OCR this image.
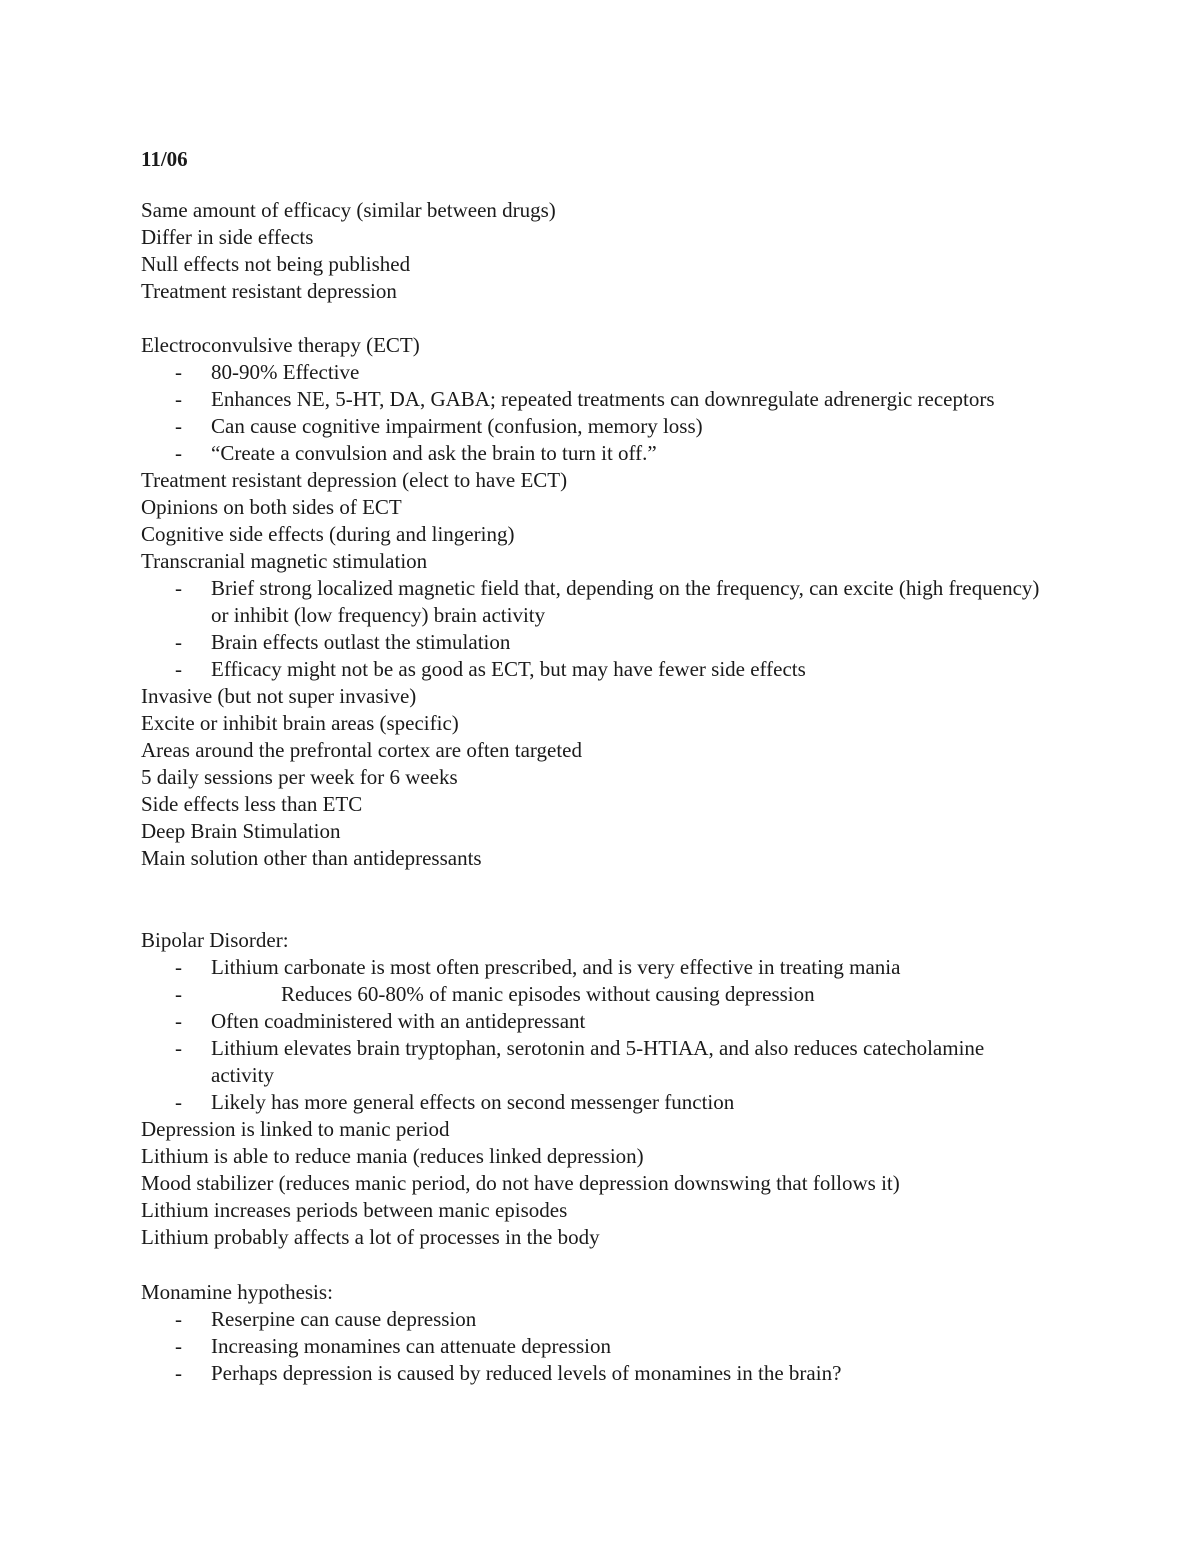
11/06

Same amount of efficacy (similar between drugs)

Differ in side effects

Null effects not being published

Treatment resistant depression

Electroconvulsive therapy (ECT)

- 80-90% Effective
- Enhances NE, 5-HT, DA, GABA; repeated treatments can downregulate adrenergic receptors
- Can cause cognitive impairment (confusion, memory loss)
- “Create a convulsion and ask the brain to turn it off.”

Treatment resistant depression (elect to have ECT)

Opinions on both sides of ECT

Cognitive side effects (during and lingering)

Transcranial magnetic stimulation

- Brief strong localized magnetic field that, depending on the frequency, can excite (high frequency) or inhibit (low frequency) brain activity
- Brain effects outlast the stimulation
- Efficacy might not be as good as ECT, but may have fewer side effects

Invasive (but not super invasive)

Excite or inhibit brain areas (specific)

Areas around the prefrontal cortex are often targeted

5 daily sessions per week for 6 weeks

Side effects less than ETC

Deep Brain Stimulation

Main solution other than antidepressants

Bipolar Disorder:

- Lithium carbonate is most often prescribed, and is very effective in treating mania
-	Reduces 60-80% of manic episodes without causing depression
- Often coadministered with an antidepressant
- Lithium elevates brain tryptophan, serotonin and 5-HTIAA, and also reduces catecholamine activity
- Likely has more general effects on second messenger function

Depression is linked to manic period

Lithium is able to reduce mania (reduces linked depression)

Mood stabilizer (reduces manic period, do not have depression downswing that follows it)

Lithium increases periods between manic episodes

Lithium probably affects a lot of processes in the body

Monamine hypothesis:

- Reserpine can cause depression
- Increasing monamines can attenuate depression
- Perhaps depression is caused by reduced levels of monamines in the brain?
